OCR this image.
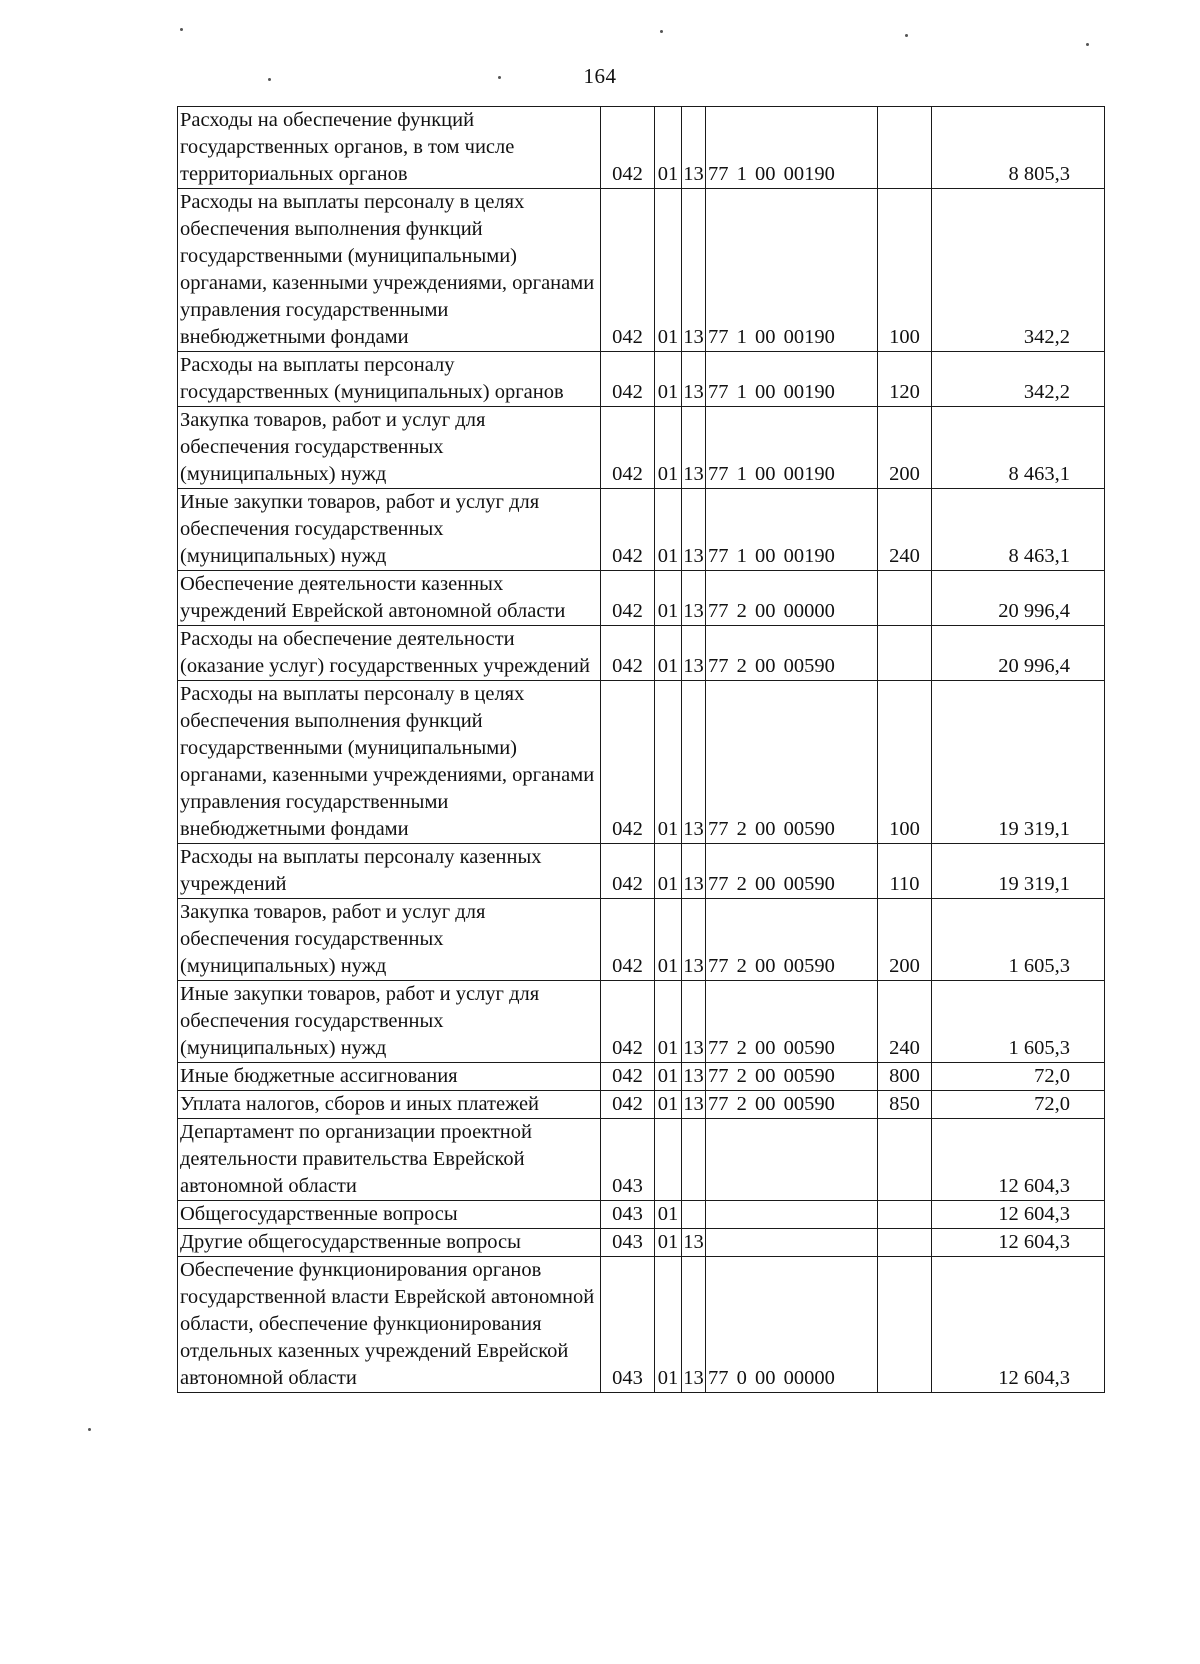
164
Расходы на обеспечение функций государственных органов, в том числе территориальных органов	042	01	13	77 1 00 00190		8 805,3
Расходы на выплаты персоналу в целях обеспечения выполнения функций государственными (муниципальными) органами, казенными учреждениями, органами управления государственными внебюджетными фондами	042	01	13	77 1 00 00190	100	342,2
Расходы на выплаты персоналу государственных (муниципальных) органов	042	01	13	77 1 00 00190	120	342,2
Закупка товаров, работ и услуг для обеспечения государственных (муниципальных) нужд	042	01	13	77 1 00 00190	200	8 463,1
Иные закупки товаров, работ и услуг для обеспечения государственных (муниципальных) нужд	042	01	13	77 1 00 00190	240	8 463,1
Обеспечение деятельности казенных учреждений Еврейской автономной области	042	01	13	77 2 00 00000		20 996,4
Расходы на обеспечение деятельности (оказание услуг) государственных учреждений	042	01	13	77 2 00 00590		20 996,4
Расходы на выплаты персоналу в целях обеспечения выполнения функций государственными (муниципальными) органами, казенными учреждениями, органами управления государственными внебюджетными фондами	042	01	13	77 2 00 00590	100	19 319,1
Расходы на выплаты персоналу казенных учреждений	042	01	13	77 2 00 00590	110	19 319,1
Закупка товаров, работ и услуг для обеспечения государственных (муниципальных) нужд	042	01	13	77 2 00 00590	200	1 605,3
Иные закупки товаров, работ и услуг для обеспечения государственных (муниципальных) нужд	042	01	13	77 2 00 00590	240	1 605,3
Иные бюджетные ассигнования	042	01	13	77 2 00 00590	800	72,0
Уплата налогов, сборов и иных платежей	042	01	13	77 2 00 00590	850	72,0
Департамент по организации проектной деятельности правительства Еврейской автономной области	043					12 604,3
Общегосударственные вопросы	043	01				12 604,3
Другие общегосударственные вопросы	043	01	13			12 604,3
Обеспечение функционирования органов государственной власти Еврейской автономной области, обеспечение функционирования отдельных казенных учреждений Еврейской автономной области	043	01	13	77 0 00 00000		12 604,3
